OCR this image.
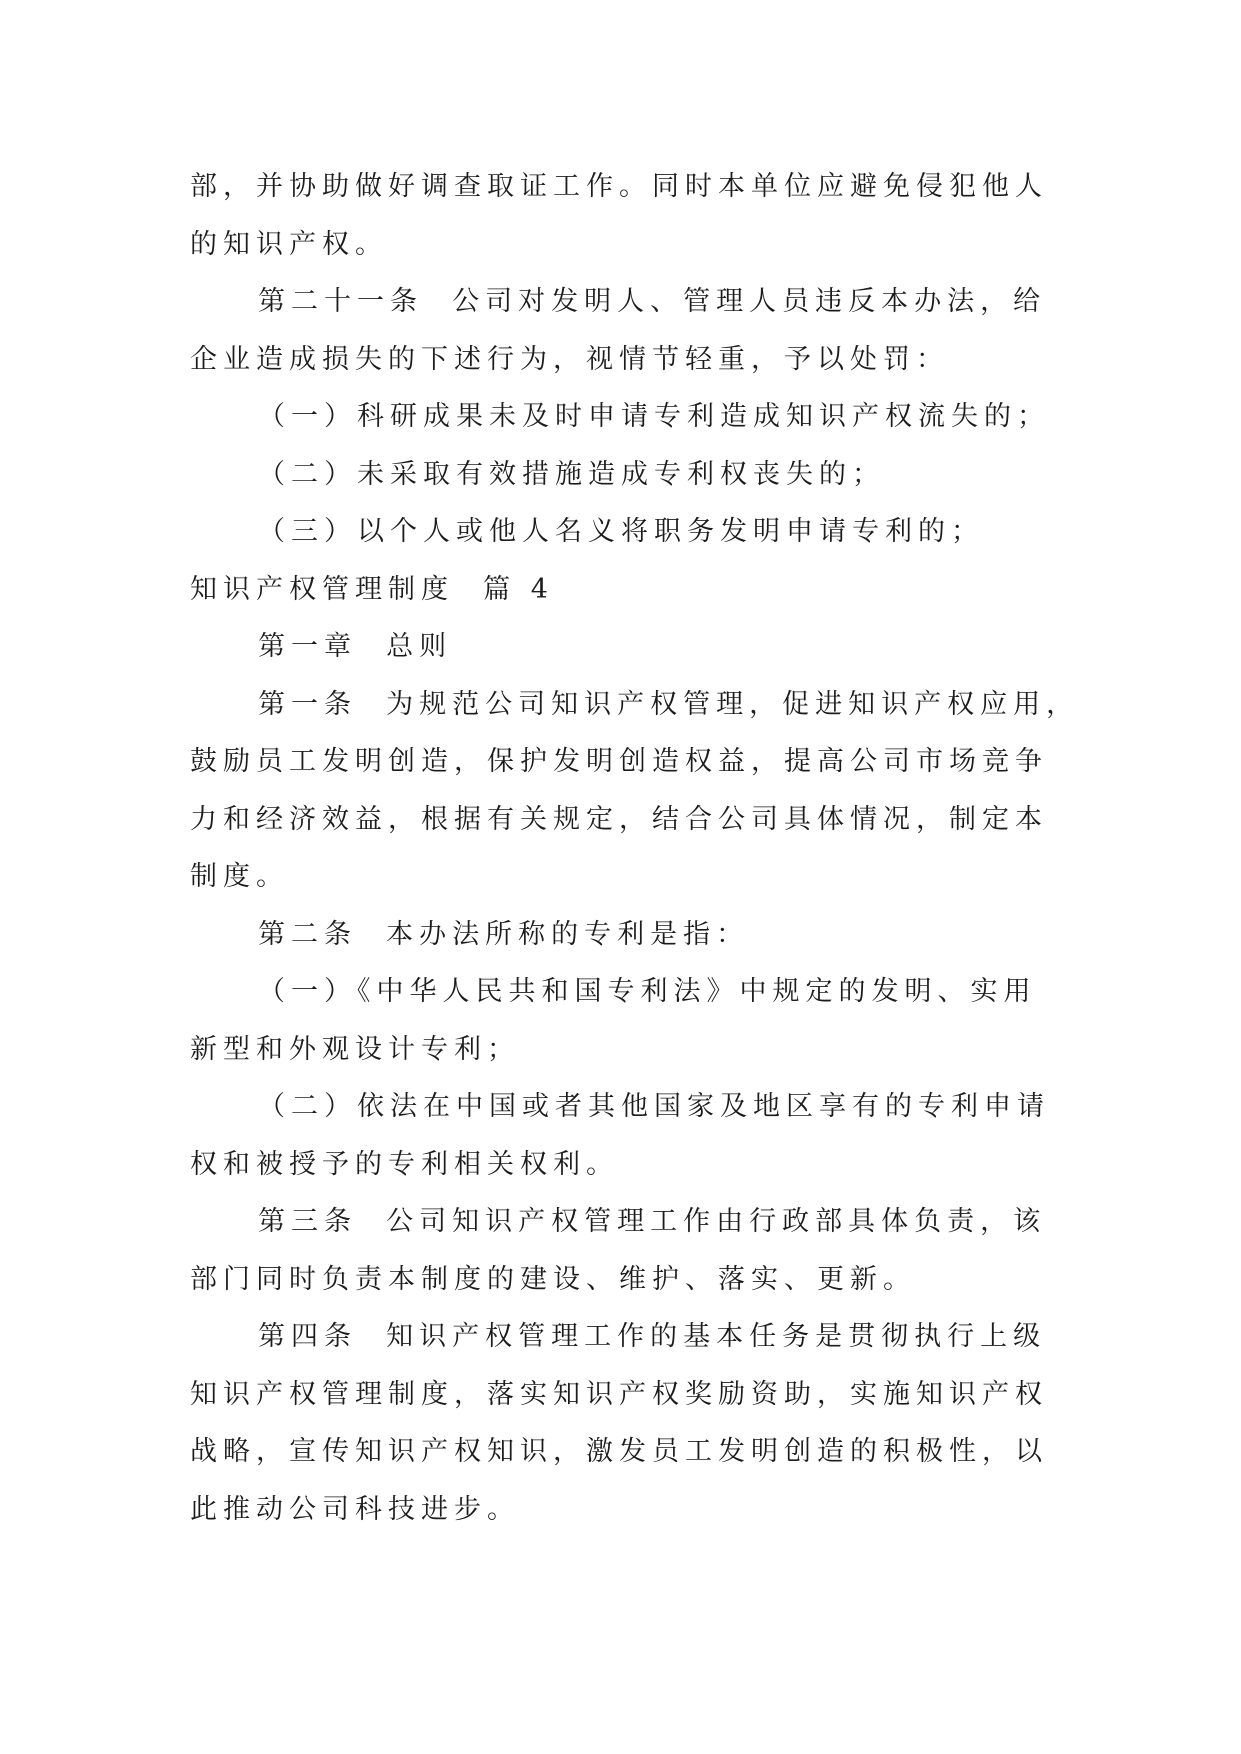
部，并协助做好调查取证工作。同时本单位应避免侵犯他人
的知识产权。
第二十一条  公司对发明人、管理人员违反本办法，给
企业造成损失的下述行为，视情节轻重，予以处罚：
（一）科研成果未及时申请专利造成知识产权流失的；
（二）未采取有效措施造成专利权丧失的；
（三）以个人或他人名义将职务发明申请专利的；
知识产权管理制度  篇 4
第一章  总则
第一条  为规范公司知识产权管理，促进知识产权应用，
鼓励员工发明创造，保护发明创造权益，提高公司市场竞争
力和经济效益，根据有关规定，结合公司具体情况，制定本
制度。
第二条  本办法所称的专利是指：
（一）《中华人民共和国专利法》中规定的发明、实用
新型和外观设计专利；
（二）依法在中国或者其他国家及地区享有的专利申请
权和被授予的专利相关权利。
第三条  公司知识产权管理工作由行政部具体负责，该
部门同时负责本制度的建设、维护、落实、更新。
第四条  知识产权管理工作的基本任务是贯彻执行上级
知识产权管理制度，落实知识产权奖励资助，实施知识产权
战略，宣传知识产权知识，激发员工发明创造的积极性，以
此推动公司科技进步。
